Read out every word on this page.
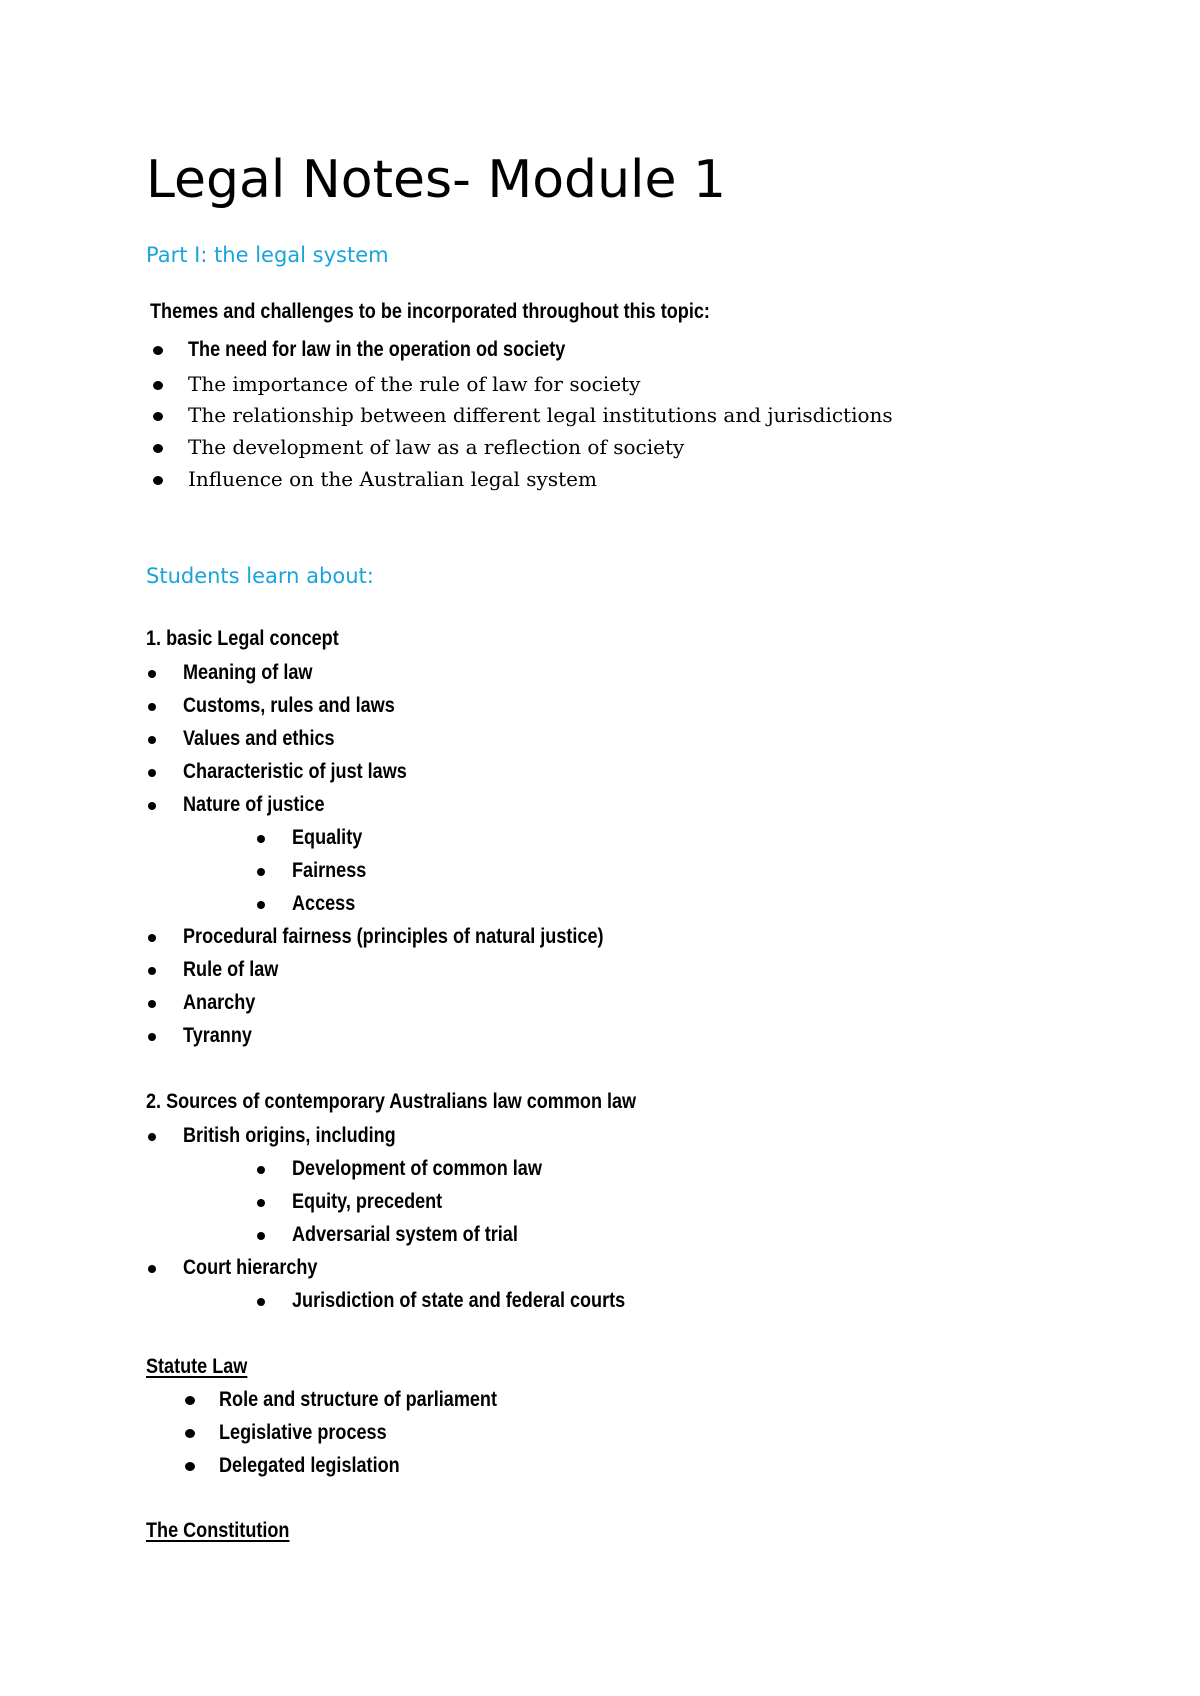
Legal Notes- Module 1
Part I: the legal system
Themes and challenges to be incorporated throughout this topic:
The need for law in the operation od society
The importance of the rule of law for society
The relationship between different legal institutions and jurisdictions
The development of law as a reflection of society
Influence on the Australian legal system
Students learn about:
1. basic Legal concept
Meaning of law
Customs, rules and laws
Values and ethics
Characteristic of just laws
Nature of justice
Equality
Fairness
Access
Procedural fairness (principles of natural justice)
Rule of law
Anarchy
Tyranny
2. Sources of contemporary Australians law common law
British origins, including
Development of common law
Equity, precedent
Adversarial system of trial
Court hierarchy
Jurisdiction of state and federal courts
Statute Law
Role and structure of parliament
Legislative process
Delegated legislation
The Constitution
